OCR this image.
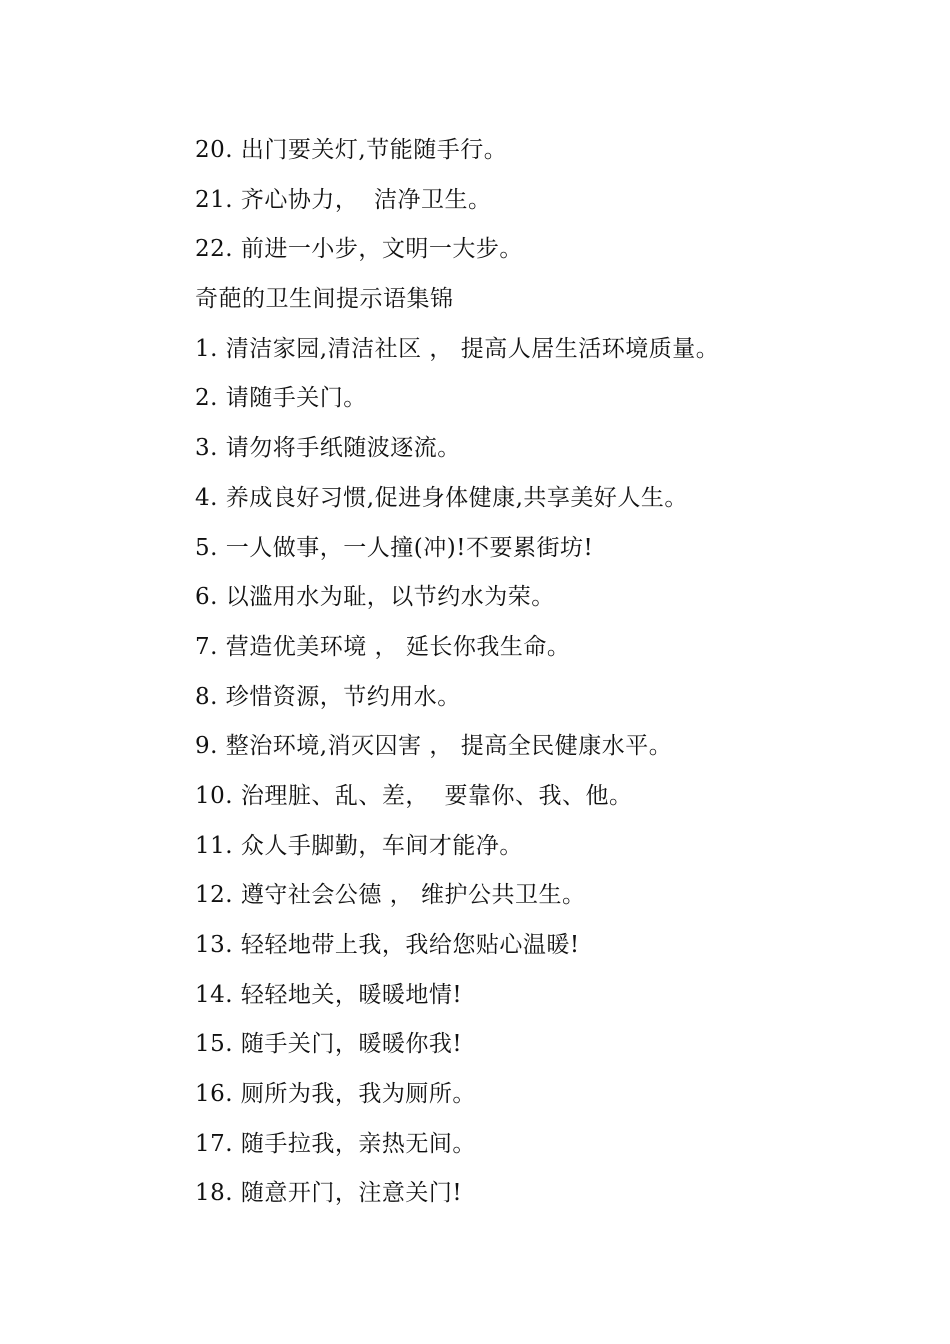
20. 出门要关灯,节能随手行。
21. 齐心协力，  洁净卫生。
22. 前进一小步，文明一大步。
奇葩的卫生间提示语集锦
1. 清洁家园,清洁社区 ， 提高人居生活环境质量。
2. 请随手关门。
3. 请勿将手纸随波逐流。
4. 养成良好习惯,促进身体健康,共享美好人生。
5. 一人做事，一人撞(冲)!不要累街坊!
6. 以滥用水为耻，以节约水为荣。
7. 营造优美环境 ， 延长你我生命。
8. 珍惜资源，节约用水。
9. 整治环境,消灭囚害 ， 提高全民健康水平。
10. 治理脏、乱、差，  要靠你、我、他。
11. 众人手脚勤，车间才能净。
12. 遵守社会公德 ， 维护公共卫生。
13. 轻轻地带上我，我给您贴心温暖!
14. 轻轻地关，暖暖地情!
15. 随手关门，暖暖你我!
16. 厕所为我，我为厕所。
17. 随手拉我，亲热无间。
18. 随意开门，注意关门!
